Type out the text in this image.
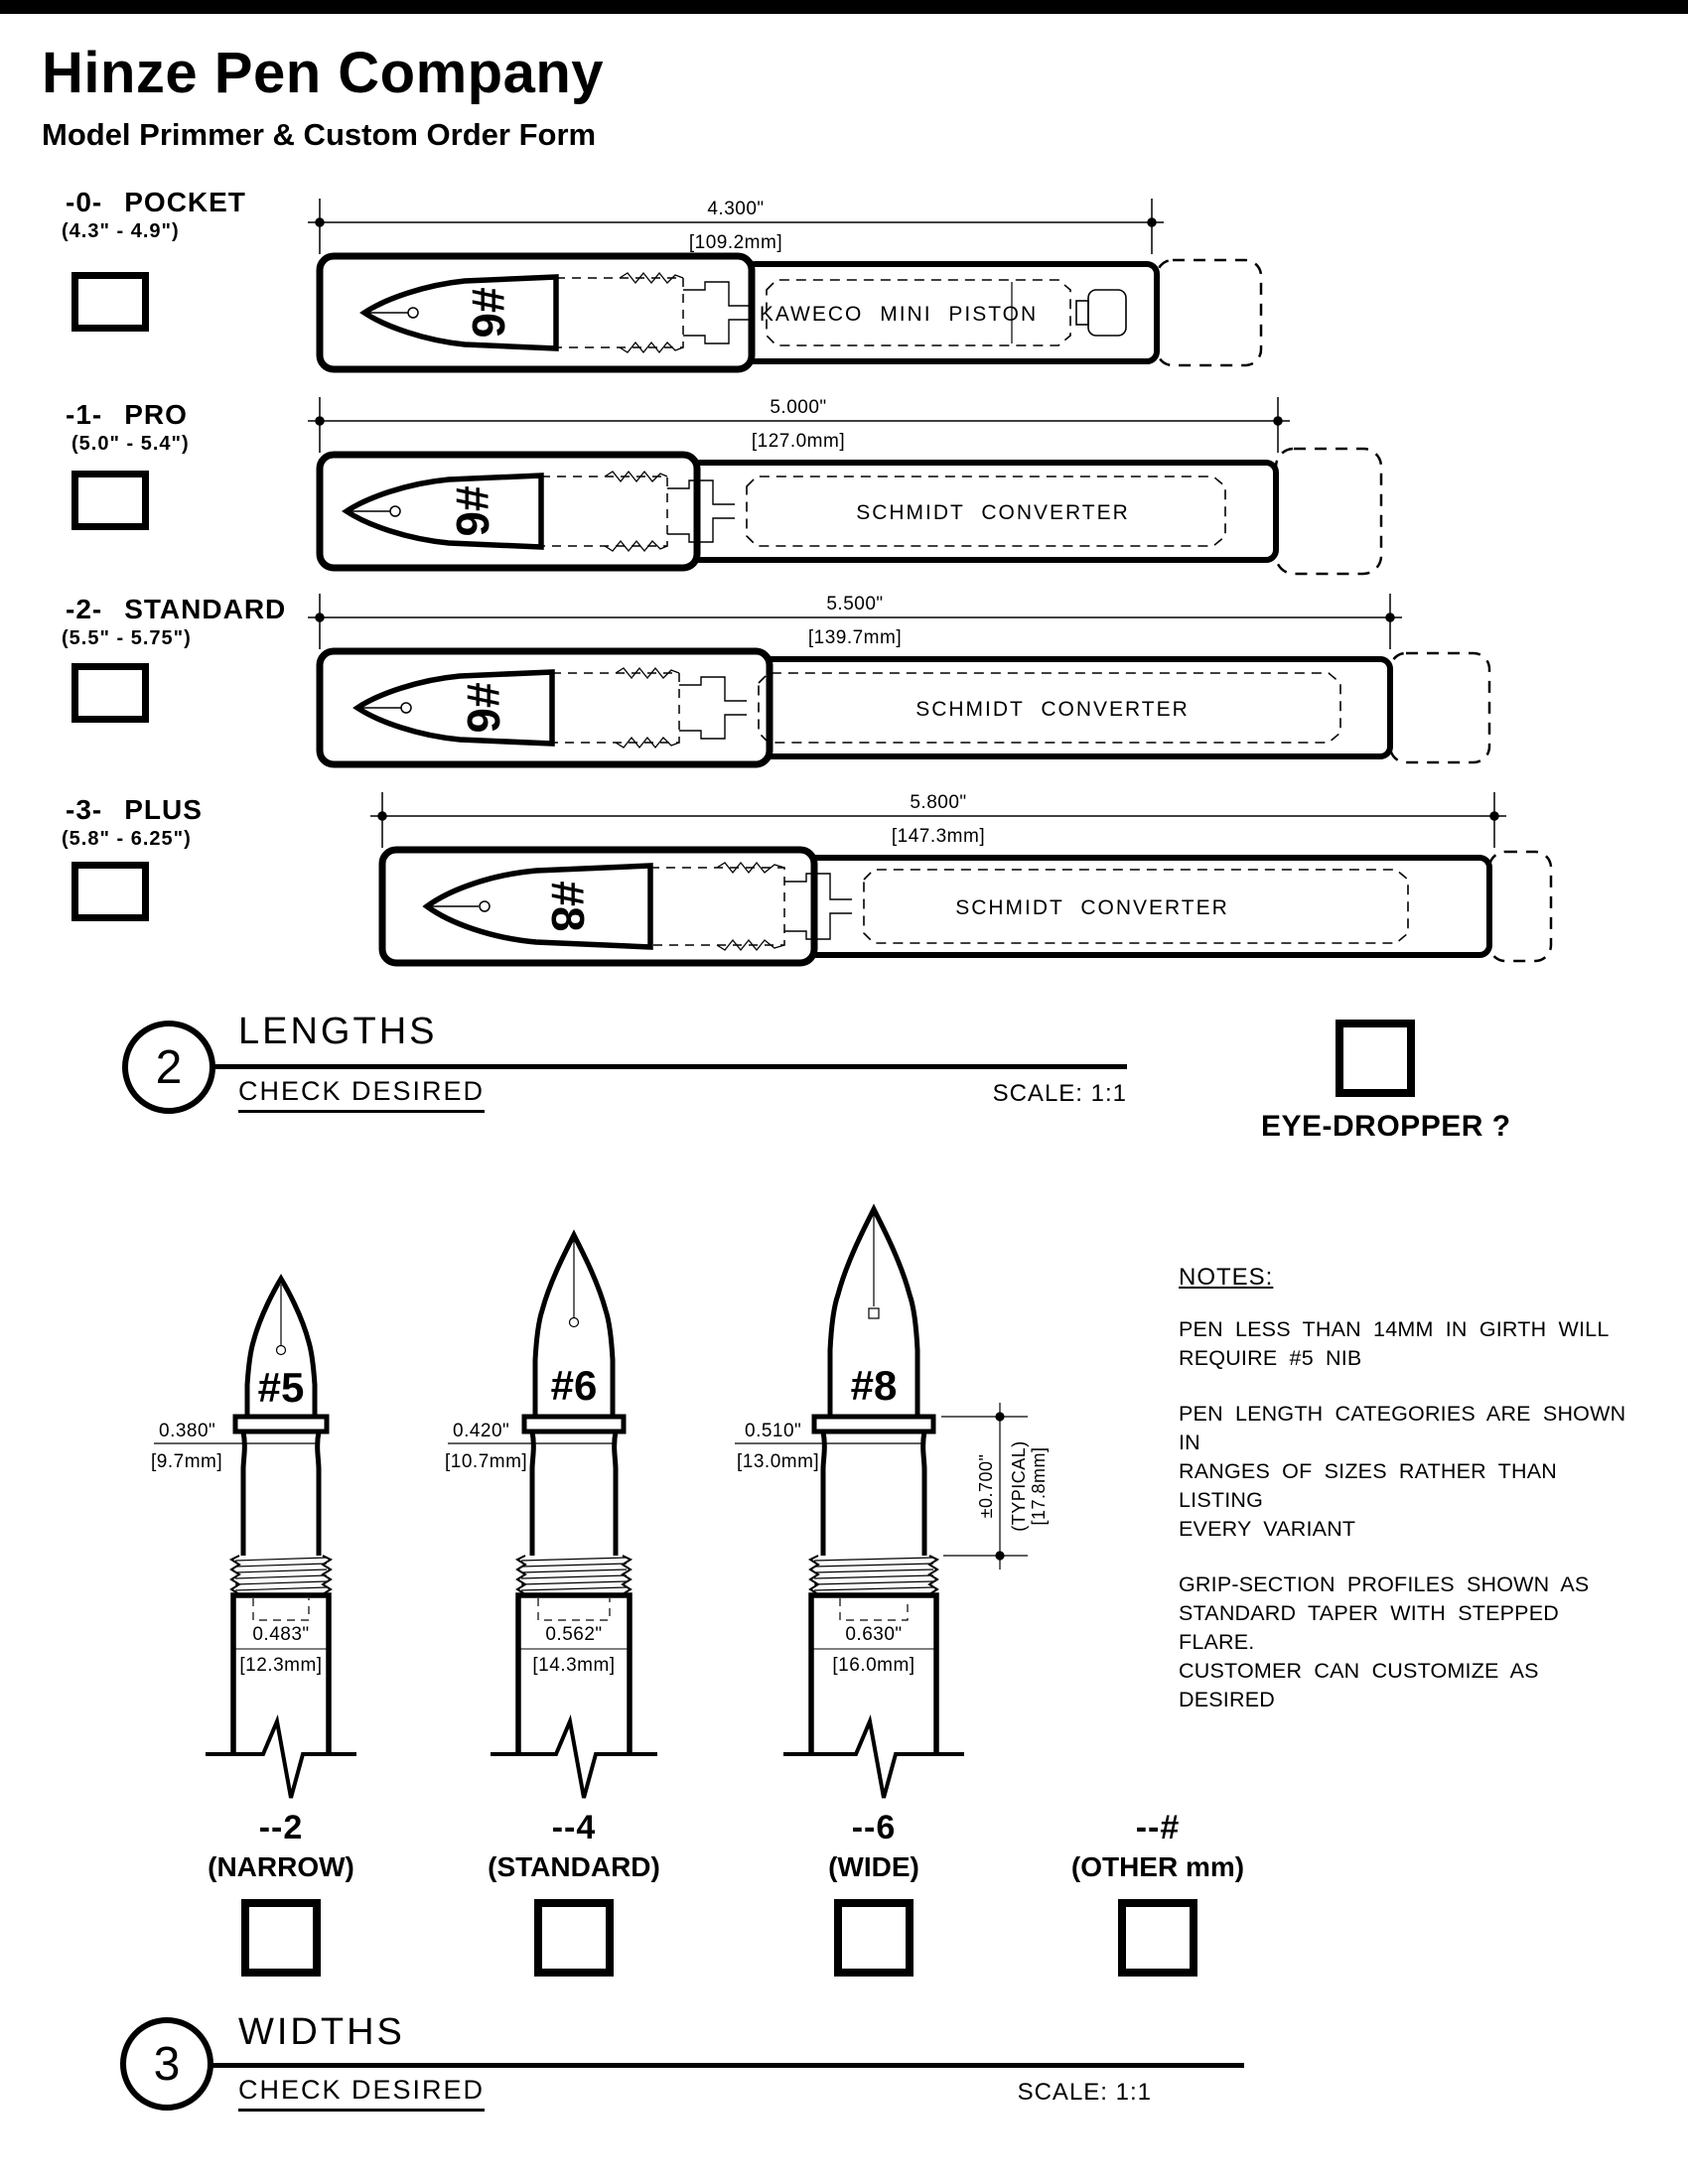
Hinze Pen Company
Model Primmer & Custom Order Form
-0- POCKET
(4.3" - 4.9")
-1- PRO
(5.0" - 5.4")
-2- STANDARD
(5.5" - 5.75")
-3- PLUS
(5.8" - 6.25")
4.300"
[109.2mm]
KAWECO MINI PISTON
#6
5.000"
[127.0mm]
SCHMIDT CONVERTER
#6
5.500"
[139.7mm]
SCHMIDT CONVERTER
#6
5.800"
[147.3mm]
SCHMIDT CONVERTER
#8
2
LENGTHS
CHECK DESIRED	SCALE: 1:1
EYE-DROPPER ?
NOTES:
PEN LESS THAN 14MM IN GIRTH WILL
REQUIRE #5 NIB
PEN LENGTH CATEGORIES ARE SHOWN IN
RANGES OF SIZES RATHER THAN LISTING
EVERY VARIANT
GRIP-SECTION PROFILES SHOWN AS
STANDARD TAPER WITH STEPPED FLARE.
CUSTOMER CAN CUSTOMIZE AS DESIRED
#5
0.483"
[12.3mm]
0.380"
[9.7mm]
#6
0.562"
[14.3mm]
0.420"
[10.7mm]
#8
0.630"
[16.0mm]
0.510"
[13.0mm]	±0.700" (TYPICAL) [17.8mm]
--2
(NARROW)
--4
(STANDARD)
--6
(WIDE)
--#
(OTHER mm)
3
WIDTHS
CHECK DESIRED	SCALE: 1:1
